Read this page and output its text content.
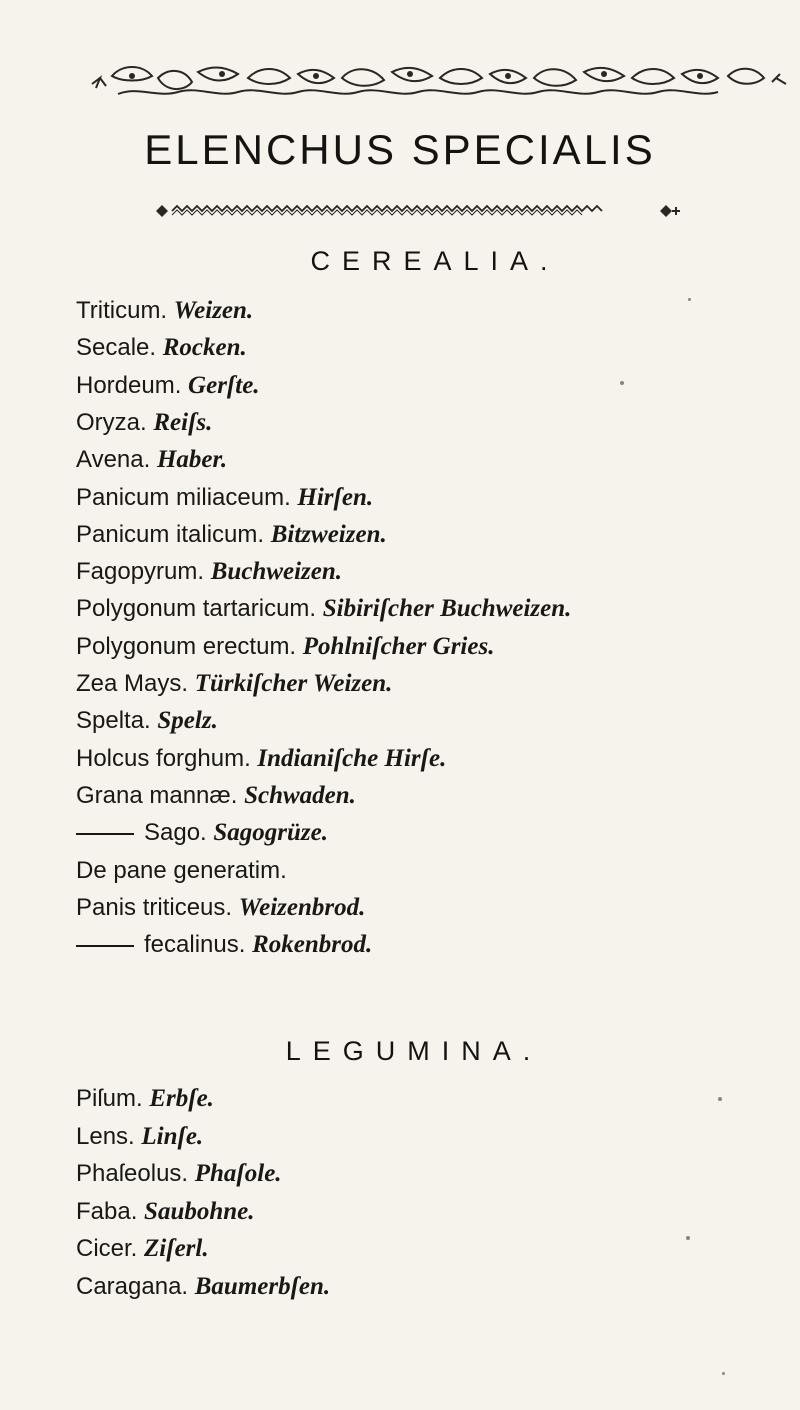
ELENCHUS SPECIALIS
CEREALIA.
Triticum. Weizen.
Secale. Rocken.
Hordeum. Gerſte.
Oryza. Reiſs.
Avena. Haber.
Panicum miliaceum. Hirſen.
Panicum italicum. Bitzweizen.
Fagopyrum. Buchweizen.
Polygonum tartaricum. Sibiriſcher Buchweizen.
Polygonum erectum. Pohlniſcher Gries.
Zea Mays. Türkiſcher Weizen.
Spelta. Spelz.
Holcus forghum. Indianiſche Hirſe.
Grana mannæ. Schwaden.
Sago. Sagogrüze.
De pane generatim.
Panis triticeus. Weizenbrod.
fecalinus. Rokenbrod.
LEGUMINA.
Piſum. Erbſe.
Lens. Linſe.
Phaſeolus. Phaſole.
Faba. Saubohne.
Cicer. Ziſerl.
Caragana. Baumerbſen.
